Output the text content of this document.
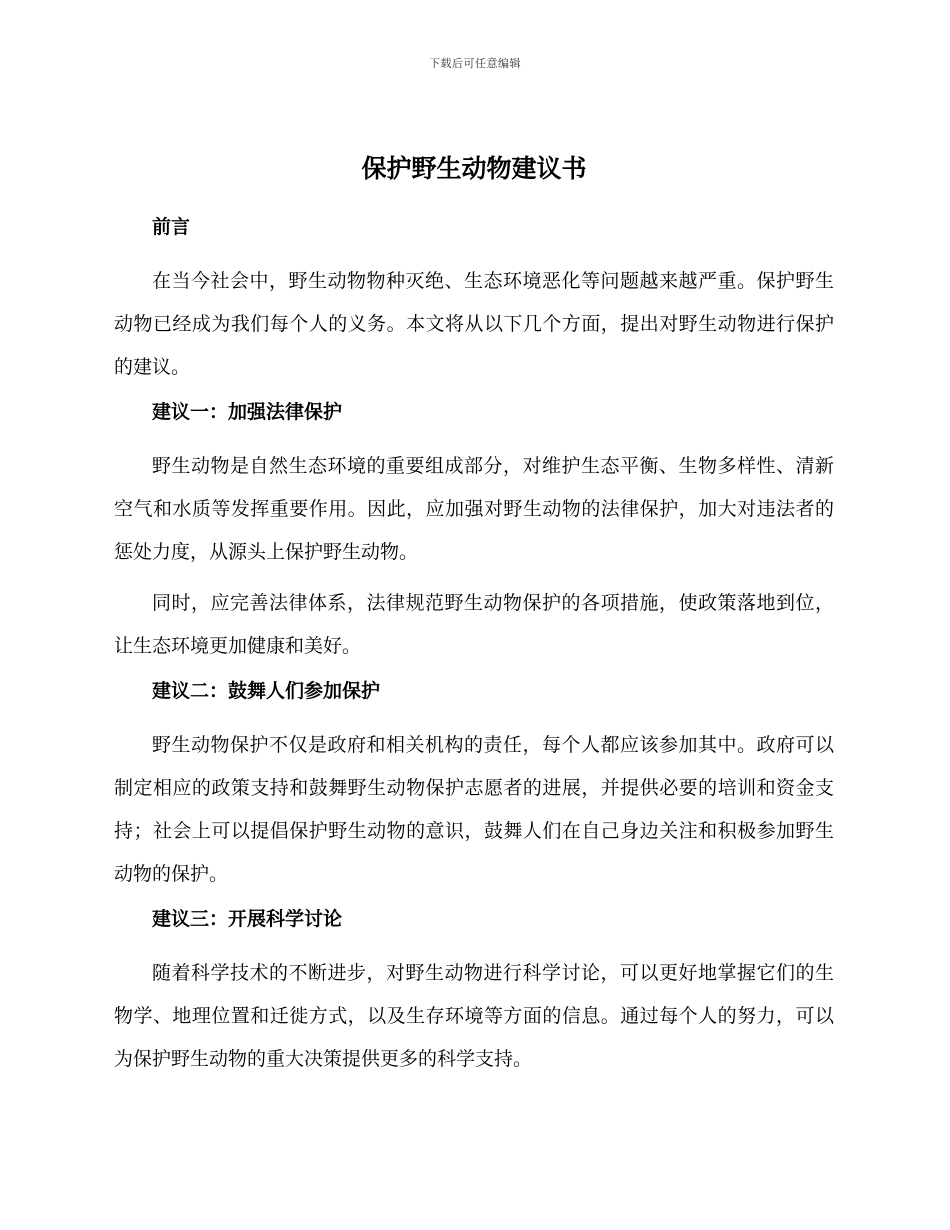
下载后可任意编辑
保护野生动物建议书
前言

在当今社会中，野生动物物种灭绝、生态环境恶化等问题越来越严重。保护野生动物已经成为我们每个人的义务。本文将从以下几个方面，提出对野生动物进行保护的建议。

建议一：加强法律保护

野生动物是自然生态环境的重要组成部分，对维护生态平衡、生物多样性、清新空气和水质等发挥重要作用。因此，应加强对野生动物的法律保护，加大对违法者的惩处力度，从源头上保护野生动物。

同时，应完善法律体系，法律规范野生动物保护的各项措施，使政策落地到位，让生态环境更加健康和美好。

建议二：鼓舞人们参加保护

野生动物保护不仅是政府和相关机构的责任，每个人都应该参加其中。政府可以制定相应的政策支持和鼓舞野生动物保护志愿者的进展，并提供必要的培训和资金支持；社会上可以提倡保护野生动物的意识，鼓舞人们在自己身边关注和积极参加野生动物的保护。

建议三：开展科学讨论

随着科学技术的不断进步，对野生动物进行科学讨论，可以更好地掌握它们的生物学、地理位置和迁徙方式，以及生存环境等方面的信息。通过每个人的努力，可以为保护野生动物的重大决策提供更多的科学支持。
